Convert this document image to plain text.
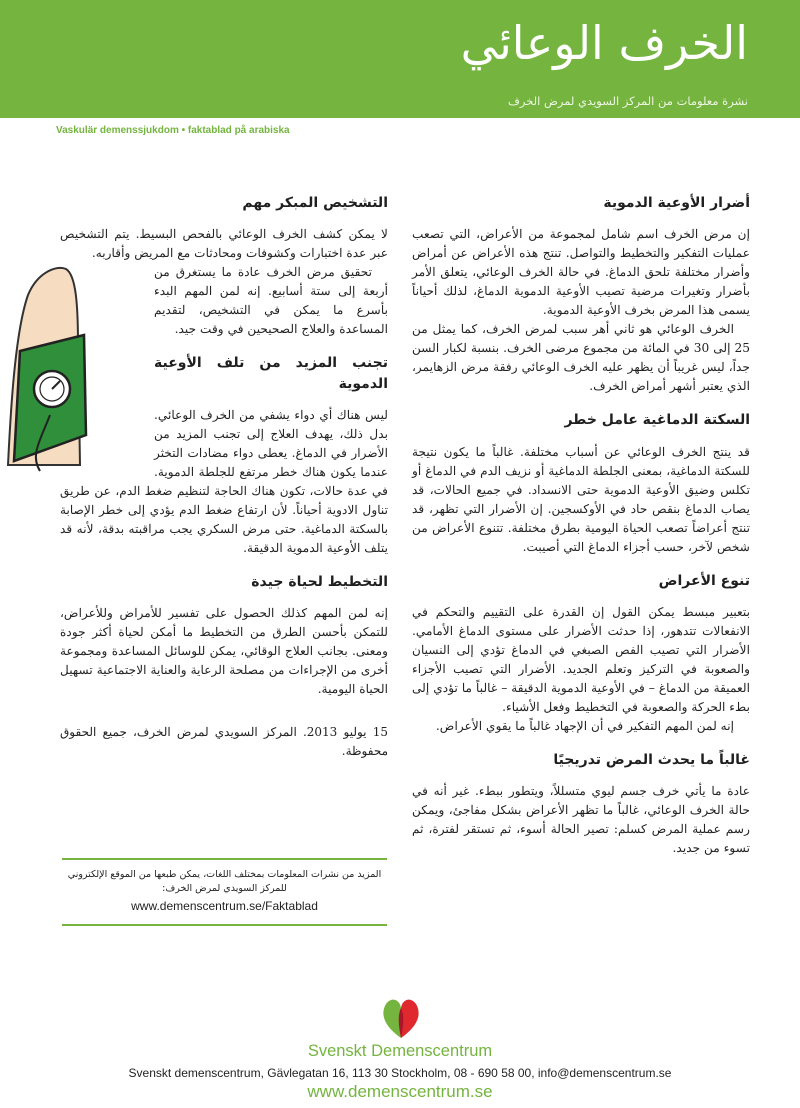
الخرف الوعائي
نشرة معلومات من المركز السويدي لمرض الخرف
Vaskulär demenssjukdom • faktablad på arabiska
أضرار الأوعية الدموية

إن مرض الخرف اسم شامل لمجموعة من الأعراض، التي تصعب عمليات التفكير والتخطيط والتواصل. تنتج هذه الأعراض عن أمراض وأضرار مختلفة تلحق الدماغ. في حالة الخرف الوعائي، يتعلق الأمر بأضرار وتغيرات مرضية تصيب الأوعية الدموية الدماغ، لذلك أحياناً يسمى هذا المرض بخرف الأوعية الدموية.

الخرف الوعائي هو ثاني أهر سبب لمرض الخرف، كما يمثل من 25 إلى 30 في المائة من مجموع مرضى الخرف. بنسبة لكبار السن جداً، ليس غريباً أن يظهر عليه الخرف الوعائي رفقة مرض الزهايمر، الذي يعتبر أشهر أمراض الخرف.

السكتة الدماغية عامل خطر

قد ينتج الخرف الوعائي عن أسباب مختلفة. غالباً ما يكون نتيجة للسكتة الدماغية، بمعنى الجلطة الدماغية أو نزيف الدم في الدماغ أو تكلس وضيق الأوعية الدموية حتى الانسداد. في جميع الحالات، قد يصاب الدماغ بنقص حاد في الأوكسجين. إن الأضرار التي تظهر، قد تنتج أعراضاً تصعب الحياة اليومية بطرق مختلفة. تتنوع الأعراض من شخص لآخر، حسب أجزاء الدماغ التي أصيبت.

تنوع الأعراض

بتعبير مبسط يمكن القول إن القدرة على التقييم والتحكم في الانفعالات تتدهور، إذا حدثت الأضرار على مستوى الدماغ الأمامي. الأضرار التي تصيب الفص الصبغي في الدماغ تؤدي إلى النسيان والصعوبة في التركيز وتعلم الجديد. الأضرار التي تصيب الأجزاء العميقة من الدماغ – في الأوعية الدموية الدقيقة – غالباً ما تؤدي إلى بطء الحركة والصعوبة في التخطيط وفعل الأشياء.

إنه لمن المهم التفكير في أن الإجهاد غالباً ما يقوي الأعراض.

غالباً ما يحدث المرض تدريجيًا

عادة ما يأتي خرف جسم ليوي متسللاً، ويتطور ببطء. غير أنه في حالة الخرف الوعائي، غالباً ما تظهر الأعراض بشكل مفاجئ، ويمكن رسم عملية المرض كسلم: تصير الحالة أسوء، ثم تستقر لفترة، ثم تسوء من جديد.

التشخيص المبكر مهم

لا يمكن كشف الخرف الوعائي بالفحص البسيط. يتم التشخيص عبر عدة اختبارات وكشوفات ومحادثات مع المريض وأقاربه.

تحقيق مرض الخرف عادة ما يستغرق من أربعة إلى ستة أسابيع. إنه لمن المهم البدء بأسرع ما يمكن في التشخيص، لتقديم المساعدة والعلاج الصحيحين في وقت جيد.

تجنب المزيد من تلف الأوعية الدموية

ليس هناك أي دواء يشفي من الخرف الوعائي. بدل ذلك، يهدف العلاج إلى تجنب المزيد من الأضرار في الدماغ. يعطى دواء مضادات التخثر عندما يكون هناك خطر مرتفع للجلطة الدموية. في عدة حالات، تكون هناك الحاجة لتنظيم ضغط الدم، عن طريق تناول الادوية أحياناً. لأن ارتفاع ضغط الدم يؤدي إلى خطر الإصابة بالسكتة الدماغية. حتى مرض السكري يجب مراقبته بدقة، لأنه قد يتلف الأوعية الدموية الدقيقة.

التخطيط لحياة جيدة

إنه لمن المهم كذلك الحصول على تفسير للأمراض وللأعراض، للتمكن بأحسن الطرق من التخطيط ما أمكن لحياة أكثر جودة ومعنى. بجانب العلاج الوقائي، يمكن للوسائل المساعدة ومجموعة أخرى من الإجراءات من مصلحة الرعاية والعناية الاجتماعية تسهيل الحياة اليومية.

15 يوليو 2013. المركز السويدي لمرض الخرف، جميع الحقوق محفوظة.

المزيد من نشرات المعلومات بمختلف اللغات، يمكن طبعها من الموقع الإلكتروني للمركز السويدي لمرض الخرف:
www.demenscentrum.se/Faktablad
Svenskt Demenscentrum
Svenskt demenscentrum, Gävlegatan 16, 113 30 Stockholm, 08 - 690 58 00, info@demenscentrum.se
www.demenscentrum.se
